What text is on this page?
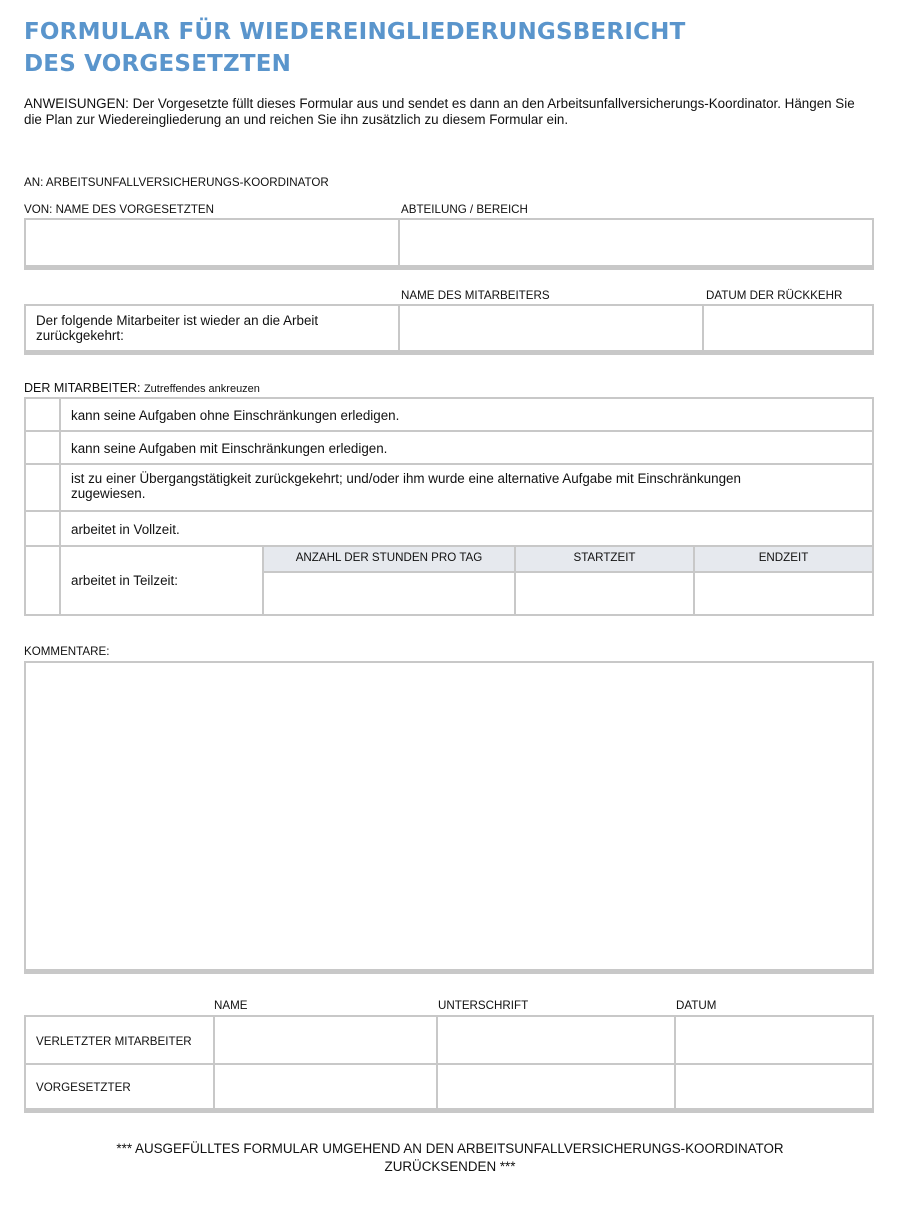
FORMULAR FÜR WIEDEREINGLIEDERUNGSBERICHT
DES VORGESETZTEN
ANWEISUNGEN: Der Vorgesetzte füllt dieses Formular aus und sendet es dann an den Arbeitsunfallversicherungs-Koordinator. Hängen Sie die Plan zur Wiedereingliederung an und reichen Sie ihn zusätzlich zu diesem Formular ein.
AN: ARBEITSUNFALLVERSICHERUNGS-KOORDINATOR
VON: NAME DES VORGESETZTEN	ABTEILUNG / BEREICH
NAME DES MITARBEITERS	DATUM DER RÜCKKEHR
Der folgende Mitarbeiter ist wieder an die Arbeit zurückgekehrt:
DER MITARBEITER: Zutreffendes ankreuzen
kann seine Aufgaben ohne Einschränkungen erledigen.
kann seine Aufgaben mit Einschränkungen erledigen.
ist zu einer Übergangstätigkeit zurückgekehrt; und/oder ihm wurde eine alternative Aufgabe mit Einschränkungen zugewiesen.
arbeitet in Vollzeit.
arbeitet in Teilzeit:
ANZAHL DER STUNDEN PRO TAG	STARTZEIT	ENDZEIT
KOMMENTARE:
NAME	UNTERSCHRIFT	DATUM
VERLETZTER MITARBEITER
VORGESETZTER
*** AUSGEFÜLLTES FORMULAR UMGEHEND AN DEN ARBEITSUNFALLVERSICHERUNGS-KOORDINATOR
ZURÜCKSENDEN ***
